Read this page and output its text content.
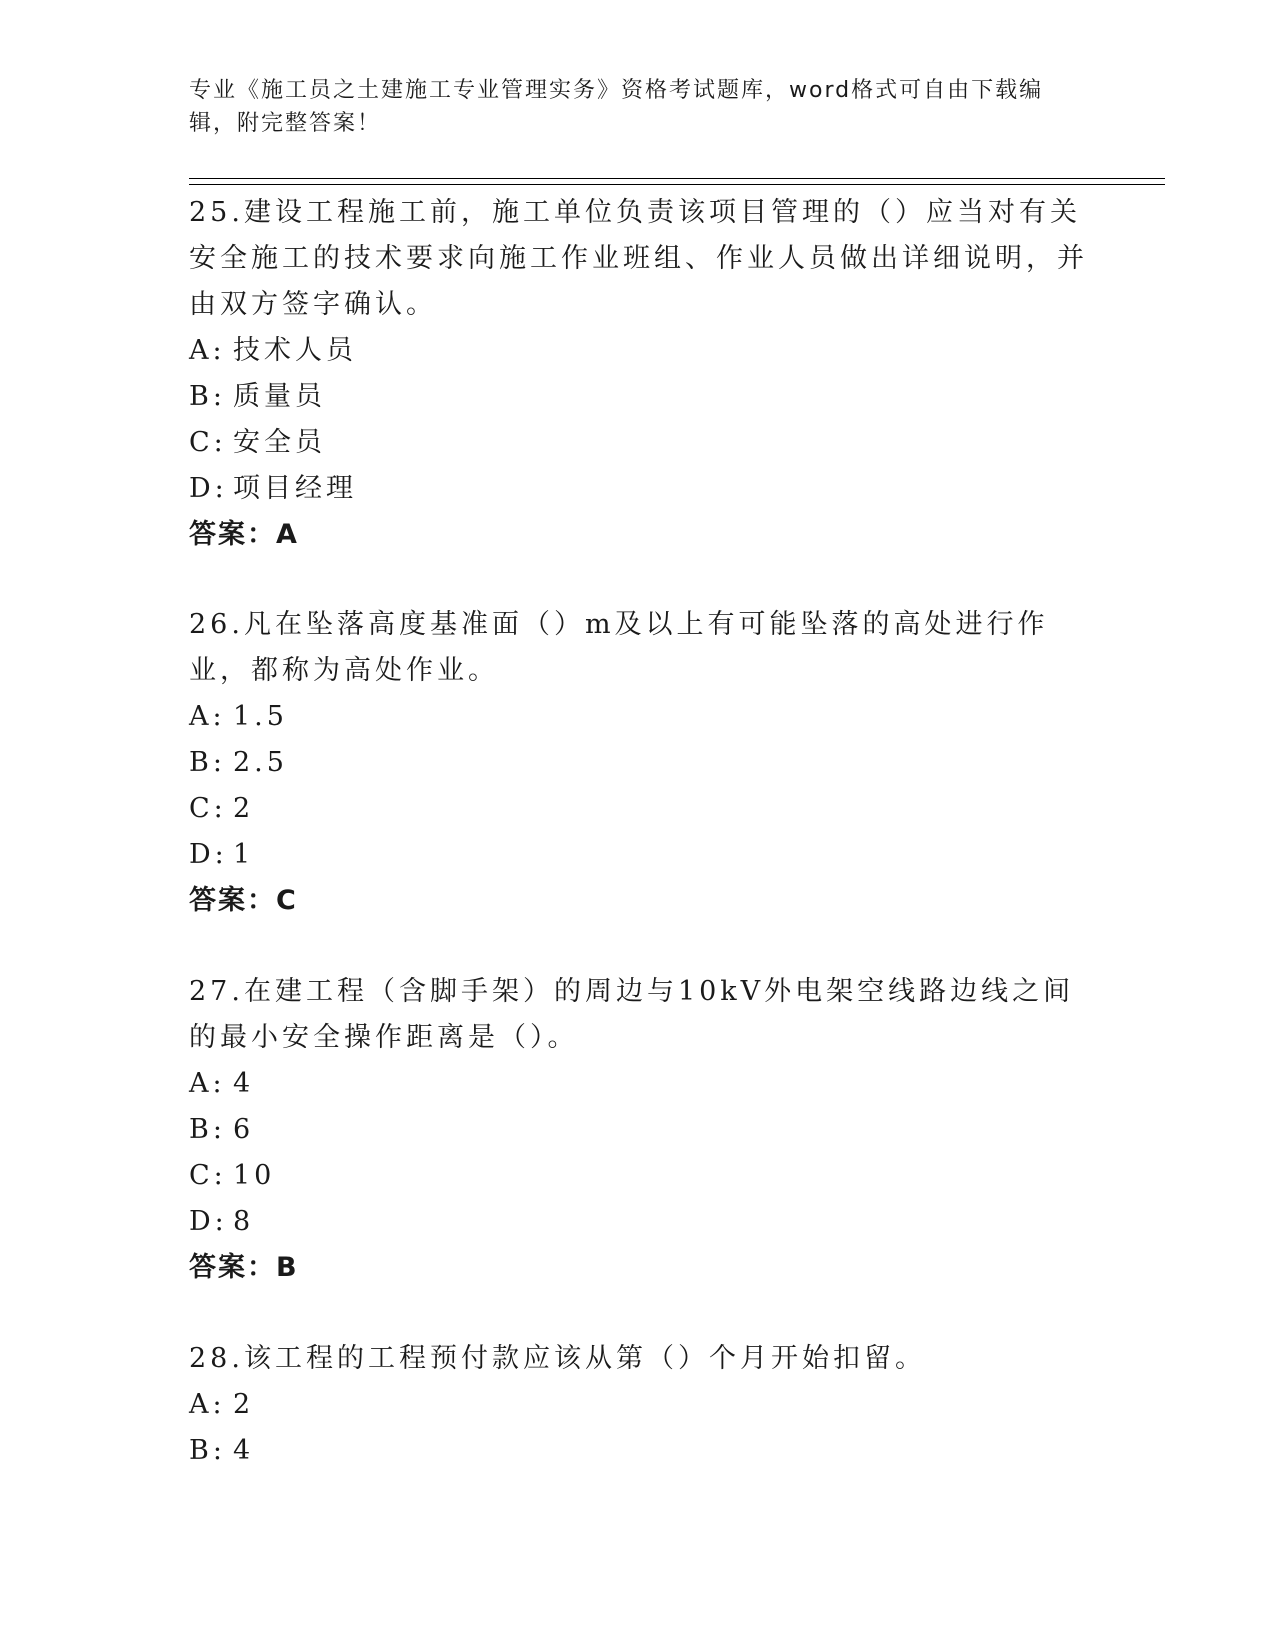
专业《施工员之土建施工专业管理实务》资格考试题库，word格式可自由下载编辑，附完整答案！

25.建设工程施工前，施工单位负责该项目管理的（）应当对有关安全施工的技术要求向施工作业班组、作业人员做出详细说明，并由双方签字确认。

A: 技术人员
B: 质量员
C: 安全员
D: 项目经理
答案：A

26.凡在坠落高度基准面（）m及以上有可能坠落的高处进行作业，都称为高处作业。

A: 1.5
B: 2.5
C: 2
D: 1
答案：C

27.在建工程（含脚手架）的周边与10kV外电架空线路边线之间的最小安全操作距离是（）。

A: 4
B: 6
C: 10
D: 8
答案：B

28.该工程的工程预付款应该从第（）个月开始扣留。

A: 2
B: 4
